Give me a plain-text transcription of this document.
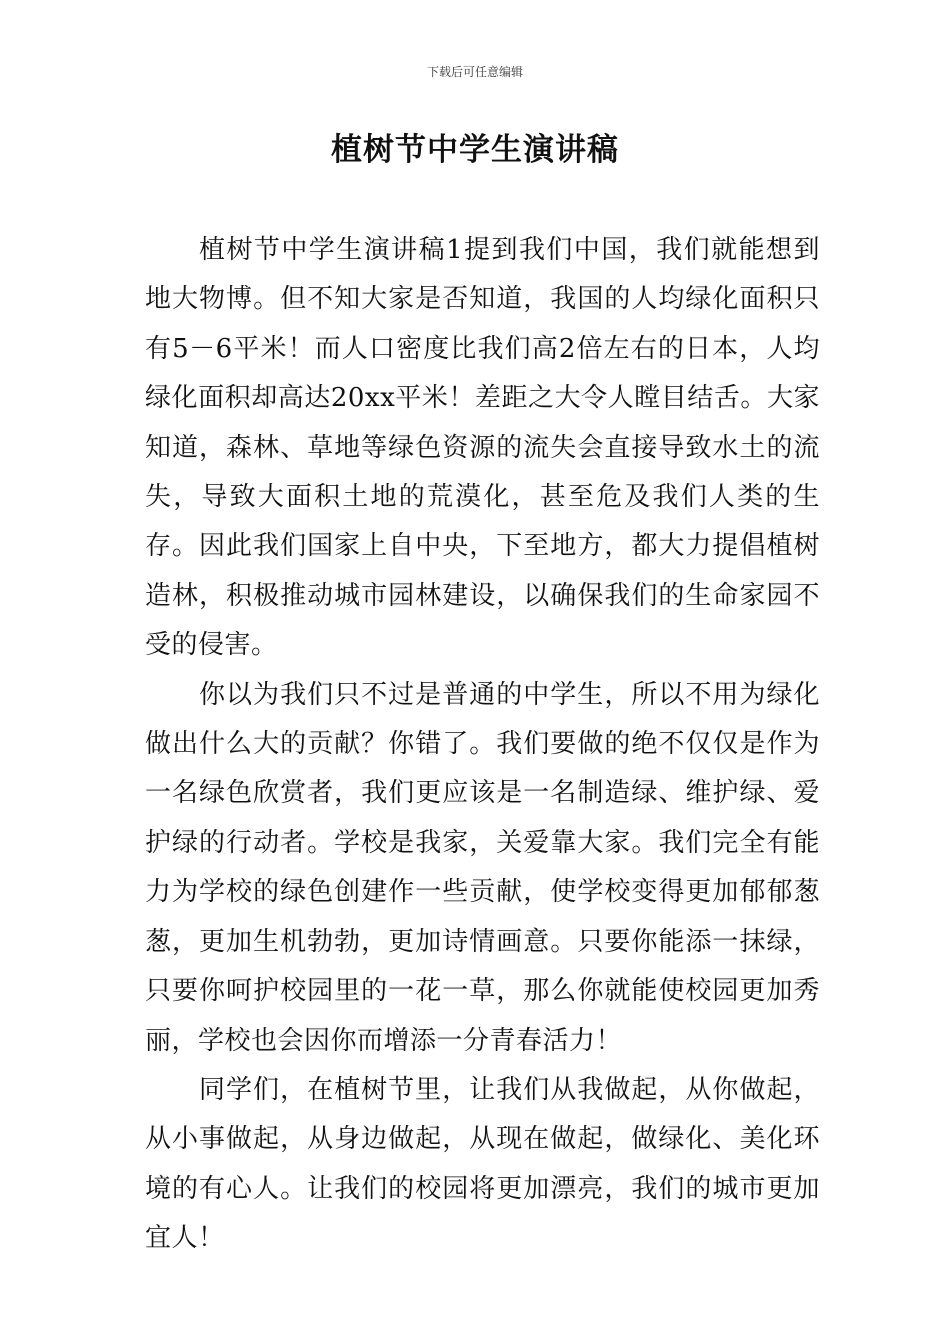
下载后可任意编辑
植树节中学生演讲稿

植树节中学生演讲稿1提到我们中国，我们就能想到地大物博。但不知大家是否知道，我国的人均绿化面积只有5－6平米！而人口密度比我们高2倍左右的日本，人均绿化面积却高达20xx平米！差距之大令人瞠目结舌。大家知道，森林、草地等绿色资源的流失会直接导致水土的流失，导致大面积土地的荒漠化，甚至危及我们人类的生存。因此我们国家上自中央，下至地方，都大力提倡植树造林，积极推动城市园林建设，以确保我们的生命家园不受的侵害。

你以为我们只不过是普通的中学生，所以不用为绿化做出什么大的贡献？你错了。我们要做的绝不仅仅是作为一名绿色欣赏者，我们更应该是一名制造绿、维护绿、爱护绿的行动者。学校是我家，关爱靠大家。我们完全有能力为学校的绿色创建作一些贡献，使学校变得更加郁郁葱葱，更加生机勃勃，更加诗情画意。只要你能添一抹绿，只要你呵护校园里的一花一草，那么你就能使校园更加秀丽，学校也会因你而增添一分青春活力！

同学们，在植树节里，让我们从我做起，从你做起，从小事做起，从身边做起，从现在做起，做绿化、美化环境的有心人。让我们的校园将更加漂亮，我们的城市更加宜人！
